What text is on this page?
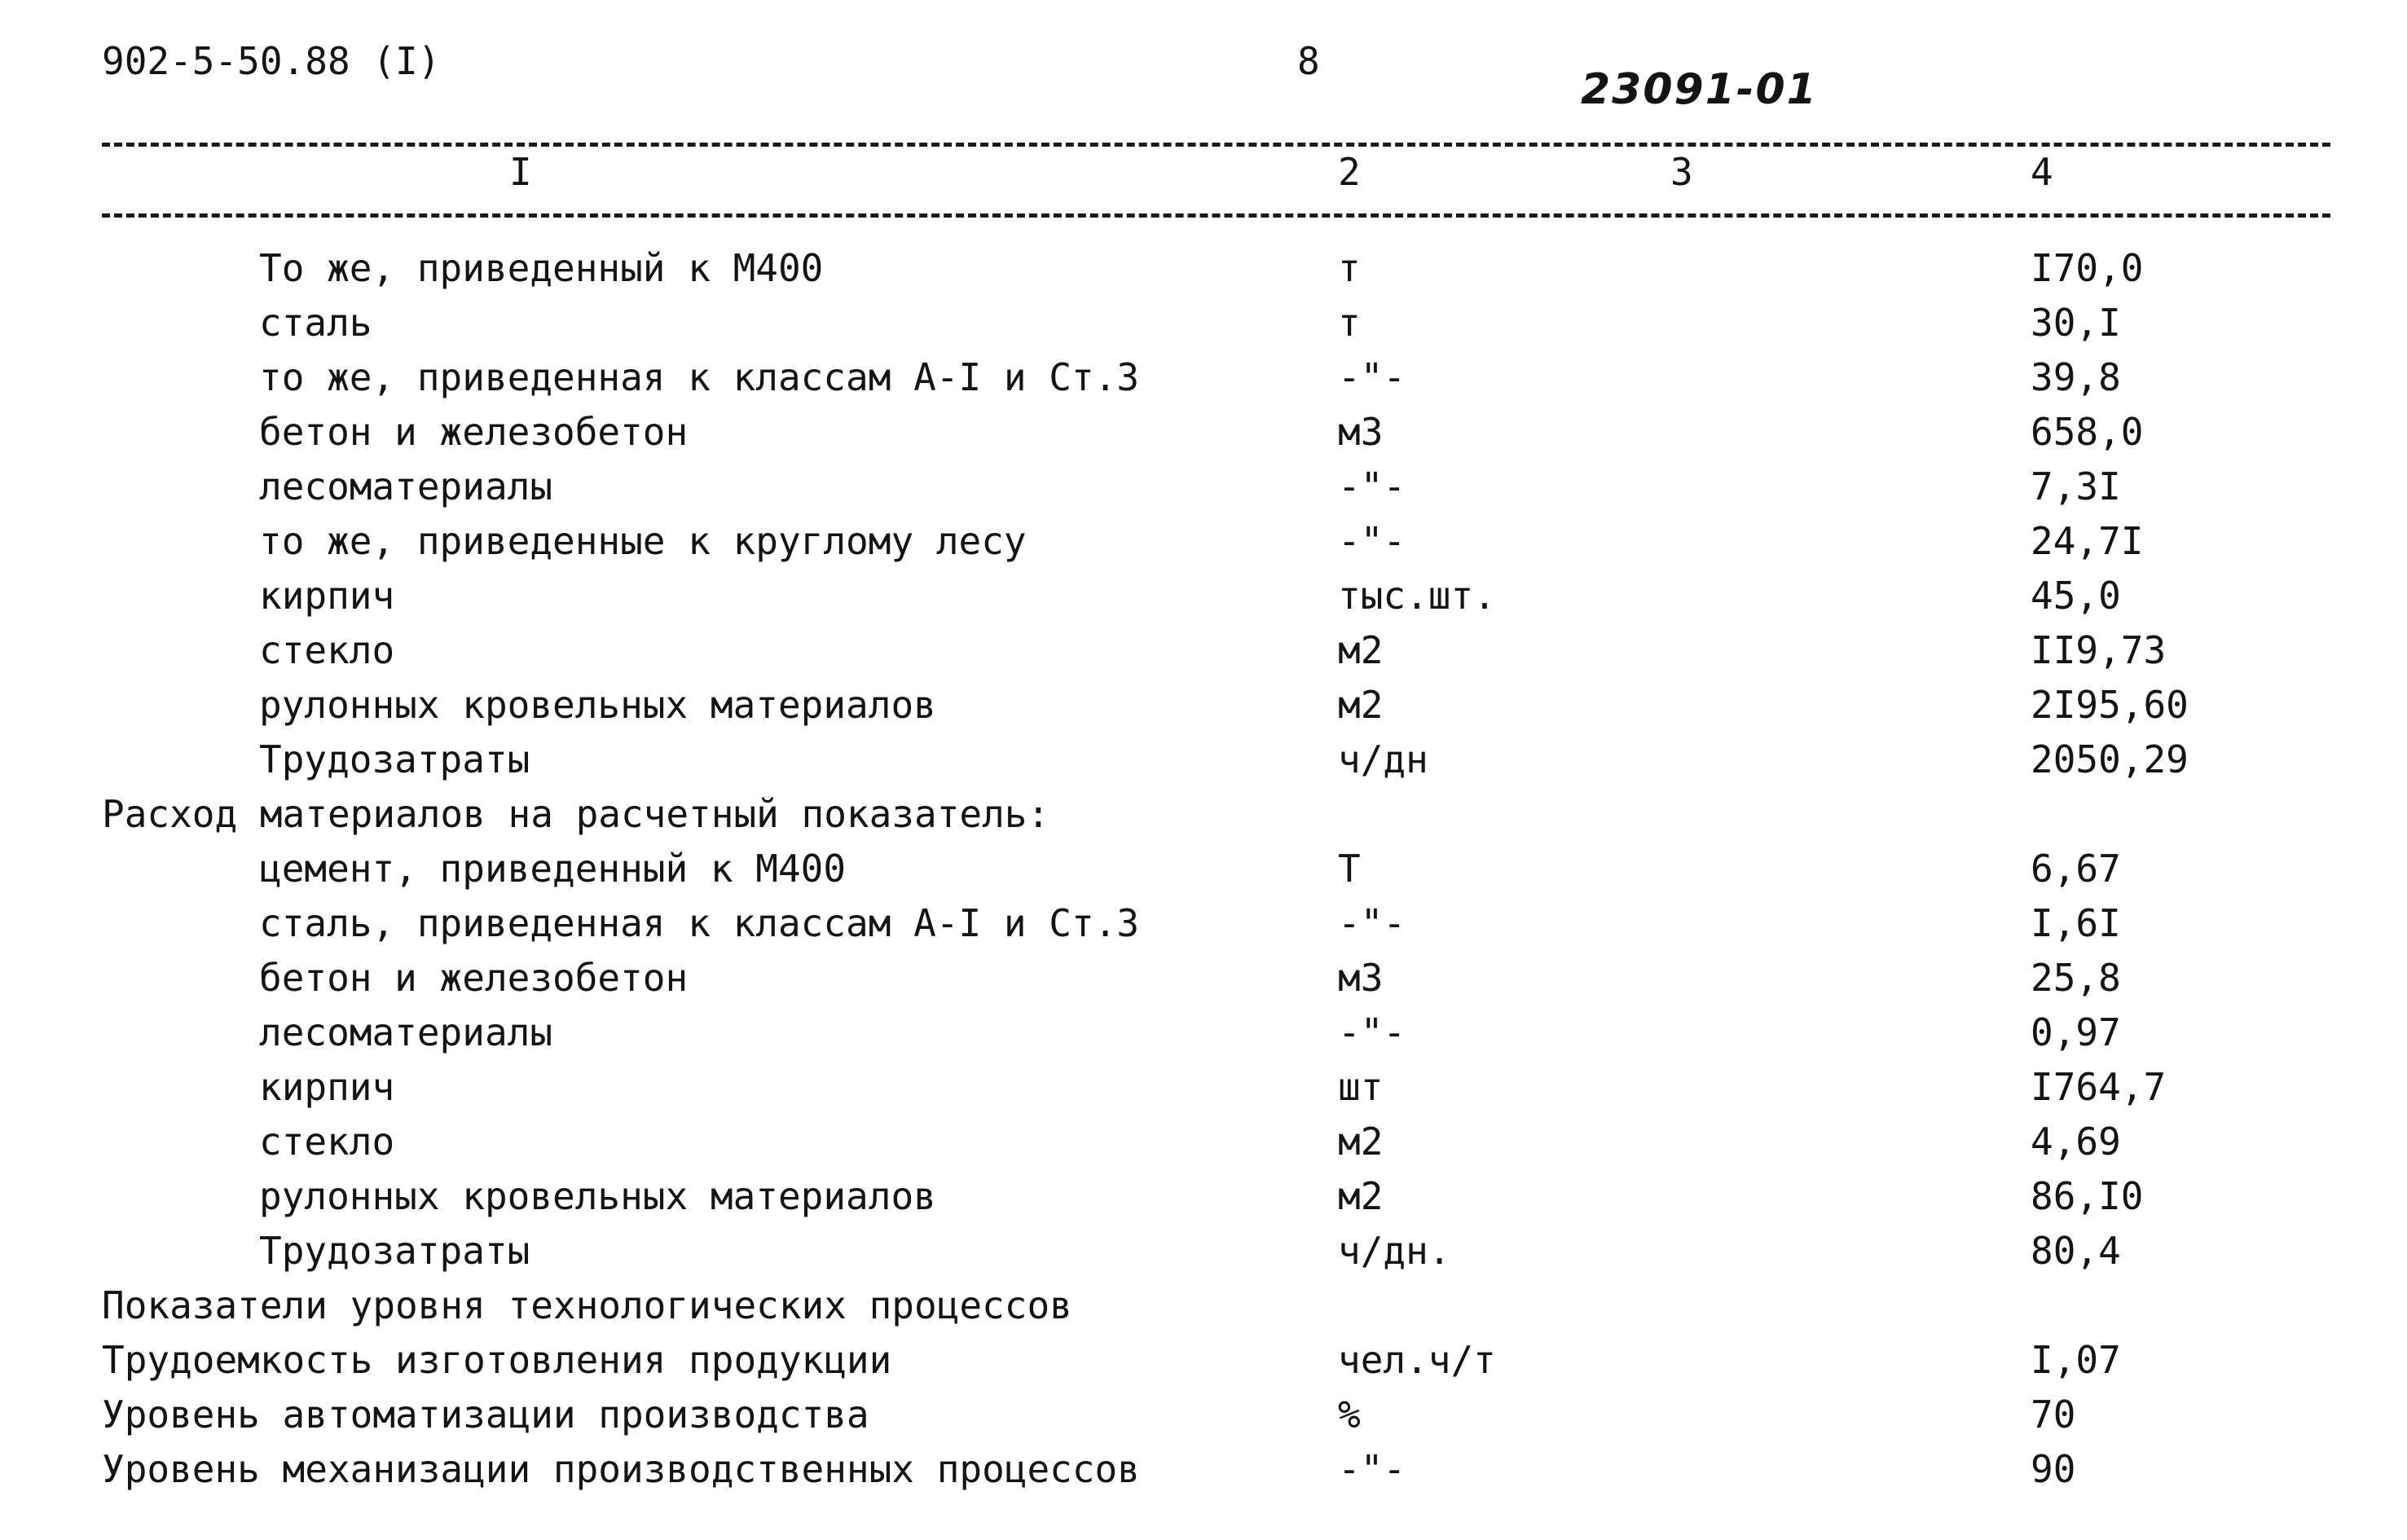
902-5-50.88 (I)	8
23091-01
I	2	3	4
То же, приведенный к М400	т	I70,0
сталь	т	30,I
то же, приведенная к классам А-I и Ст.3	-"-	39,8
бетон и железобетон	м3	658,0
лесоматериалы	-"-	7,3I
то же, приведенные к круглому лесу	-"-	24,7I
кирпич	тыс.шт.	45,0
стекло	м2	II9,73
рулонных кровельных материалов	м2	2I95,60
Трудозатраты	ч/дн	2050,29
Расход материалов на расчетный показатель:
цемент, приведенный к М400	Т	6,67
сталь, приведенная к классам А-I и Ст.3	-"-	I,6I
бетон и железобетон	м3	25,8
лесоматериалы	-"-	0,97
кирпич	шт	I764,7
стекло	м2	4,69
рулонных кровельных материалов	м2	86,I0
Трудозатраты	ч/дн.	80,4
Показатели уровня технологических процессов
Трудоемкость изготовления продукции	чел.ч/т	I,07
Уровень автоматизации производства	%	70
Уровень механизации производственных процессов	-"-	90
